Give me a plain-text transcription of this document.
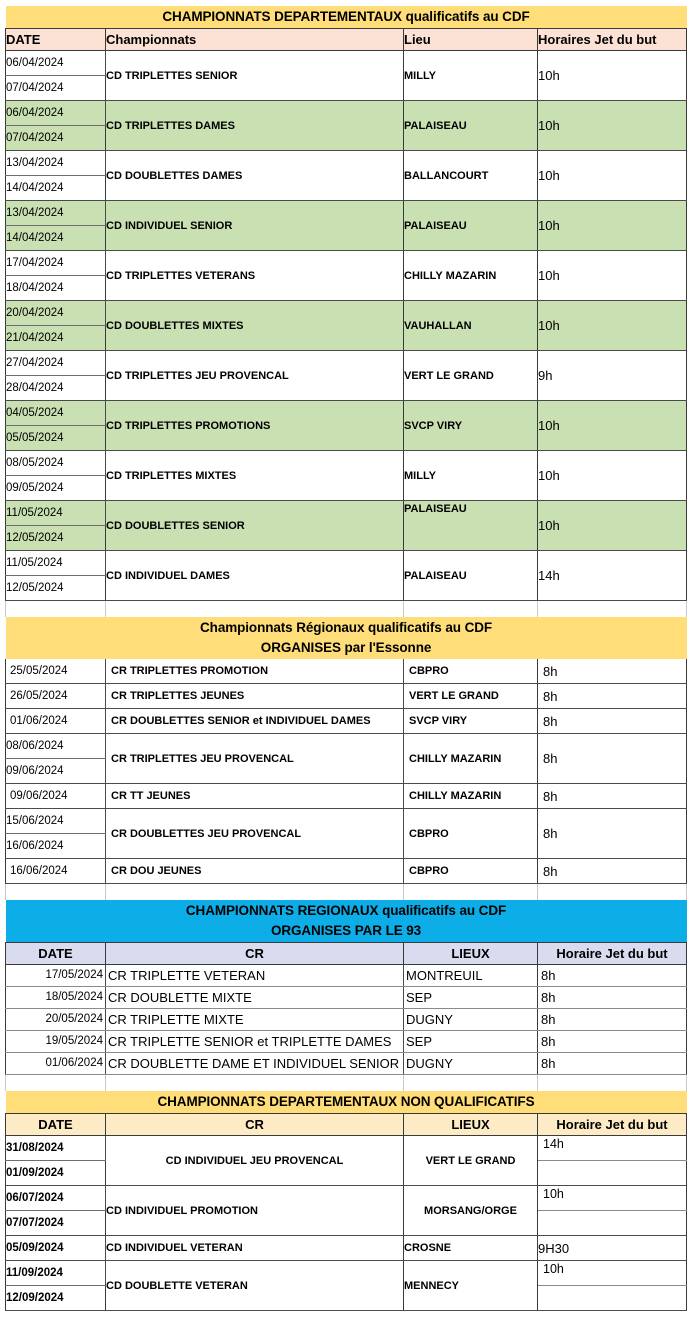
CHAMPIONNATS DEPARTEMENTAUX qualificatifs au CDF			
DATE	Championnats	Lieu	Horaires Jet du but
06/04/2024	CD TRIPLETTES SENIOR	MILLY	10h
07/04/2024			
06/04/2024	CD TRIPLETTES DAMES	PALAISEAU	10h
07/04/2024			
13/04/2024	CD DOUBLETTES DAMES	BALLANCOURT	10h
14/04/2024			
13/04/2024	CD INDIVIDUEL SENIOR	PALAISEAU	10h
14/04/2024			
17/04/2024	CD TRIPLETTES VETERANS	CHILLY MAZARIN	10h
18/04/2024			
20/04/2024	CD DOUBLETTES MIXTES	VAUHALLAN	10h
21/04/2024			
27/04/2024	CD TRIPLETTES JEU PROVENCAL	VERT LE GRAND	9h
28/04/2024			
04/05/2024	CD TRIPLETTES PROMOTIONS	SVCP VIRY	10h
05/05/2024			
08/05/2024	CD TRIPLETTES MIXTES	MILLY	10h
09/05/2024			
11/05/2024	CD DOUBLETTES SENIOR	PALAISEAU	10h
12/05/2024			
11/05/2024	CD INDIVIDUEL DAMES	PALAISEAU	14h
12/05/2024			

Championnats Régionaux qualificatifs au CDF
ORGANISES par l'Essonne			

25/05/2024	CR TRIPLETTES PROMOTION	CBPRO	8h
26/05/2024	CR TRIPLETTES JEUNES	VERT LE GRAND	8h
01/06/2024	CR DOUBLETTES SENIOR et INDIVIDUEL DAMES	SVCP VIRY	8h
08/06/2024	CR TRIPLETTES JEU PROVENCAL	CHILLY MAZARIN	8h
09/06/2024			
09/06/2024	CR TT JEUNES	CHILLY MAZARIN	8h
15/06/2024	CR DOUBLETTES JEU PROVENCAL	CBPRO	8h
16/06/2024			
16/06/2024	CR DOU JEUNES	CBPRO	8h

CHAMPIONNATS REGIONAUX qualificatifs au CDF
ORGANISES PAR LE 93			

DATE	CR	LIEUX	Horaire Jet du but
17/05/2024	CR TRIPLETTE VETERAN	MONTREUIL	8h
18/05/2024	CR DOUBLETTE MIXTE	SEP	8h
20/05/2024	CR TRIPLETTE MIXTE	DUGNY	8h
19/05/2024	CR TRIPLETTE SENIOR et TRIPLETTE DAMES	SEP	8h
01/06/2024	CR DOUBLETTE DAME ET INDIVIDUEL SENIOR	DUGNY	8h

CHAMPIONNATS DEPARTEMENTAUX NON QUALIFICATIFS			
DATE	CR	LIEUX	Horaire Jet du but
31/08/2024	CD INDIVIDUEL JEU PROVENCAL	VERT LE GRAND	14h
01/09/2024			
06/07/2024	CD INDIVIDUEL PROMOTION	MORSANG/ORGE	10h
07/07/2024			
05/09/2024	CD INDIVIDUEL VETERAN	CROSNE	9H30
11/09/2024	CD DOUBLETTE VETERAN	MENNECY	10h
12/09/2024			
